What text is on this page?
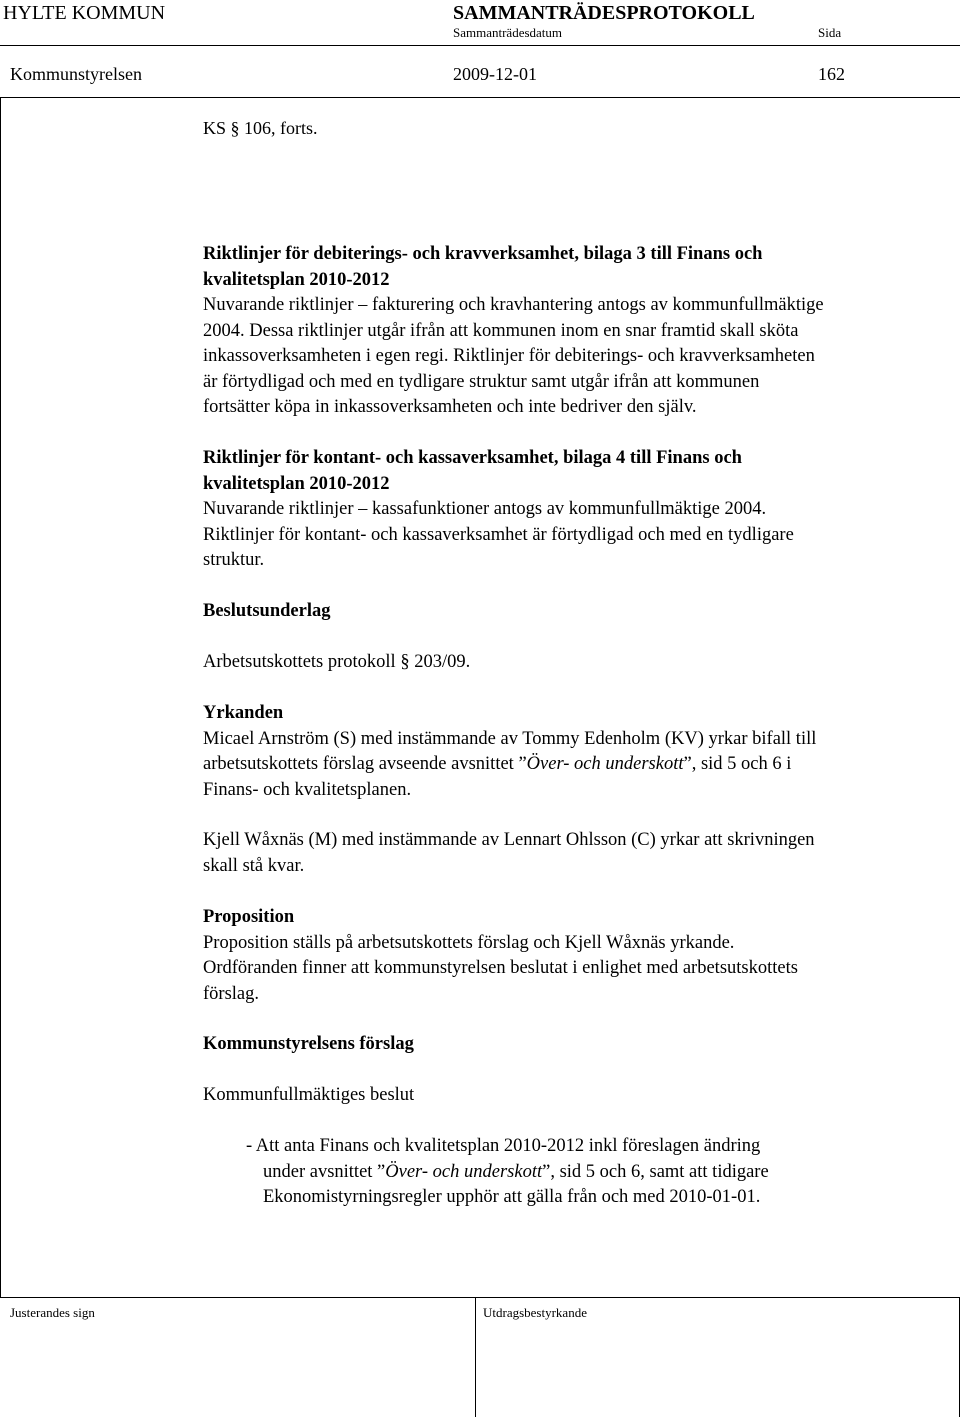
HYLTE KOMMUN	SAMMANTRÄDESPROTOKOLL
Sammanträdesdatum	Sida
Kommunstyrelsen	2009-12-01	162
KS § 106, forts.

Riktlinjer för debiterings- och kravverksamhet, bilaga 3 till Finans och

kvalitetsplan 2010-2012

Nuvarande riktlinjer – fakturering och kravhantering antogs av kommunfullmäktige

2004. Dessa riktlinjer utgår ifrån att kommunen inom en snar framtid skall sköta

inkassoverksamheten i egen regi. Riktlinjer för debiterings- och kravverksamheten

är förtydligad och med en tydligare struktur samt utgår ifrån att kommunen

fortsätter köpa in inkassoverksamheten och inte bedriver den själv.

Riktlinjer för kontant- och kassaverksamhet, bilaga 4 till Finans och

kvalitetsplan 2010-2012

Nuvarande riktlinjer – kassafunktioner antogs av kommunfullmäktige 2004.

Riktlinjer för kontant- och kassaverksamhet är förtydligad och med en tydligare

struktur.

Beslutsunderlag

Arbetsutskottets protokoll § 203/09.

Yrkanden

Micael Arnström (S) med instämmande av Tommy Edenholm (KV) yrkar bifall till

arbetsutskottets förslag avseende avsnittet ”Över- och underskott”, sid 5 och 6 i

Finans- och kvalitetsplanen.

Kjell Wåxnäs (M) med instämmande av Lennart Ohlsson (C) yrkar att skrivningen

skall stå kvar.

Proposition

Proposition ställs på arbetsutskottets förslag och Kjell Wåxnäs yrkande.

Ordföranden finner att kommunstyrelsen beslutat i enlighet med arbetsutskottets

förslag.

Kommunstyrelsens förslag

Kommunfullmäktiges beslut

- Att anta Finans och kvalitetsplan 2010-2012 inkl föreslagen ändring
under avsnittet ”Över- och underskott”, sid 5 och 6, samt att tidigare
Ekonomistyrningsregler upphör att gälla från och med 2010-01-01.
Justerandes sign	Utdragsbestyrkande
